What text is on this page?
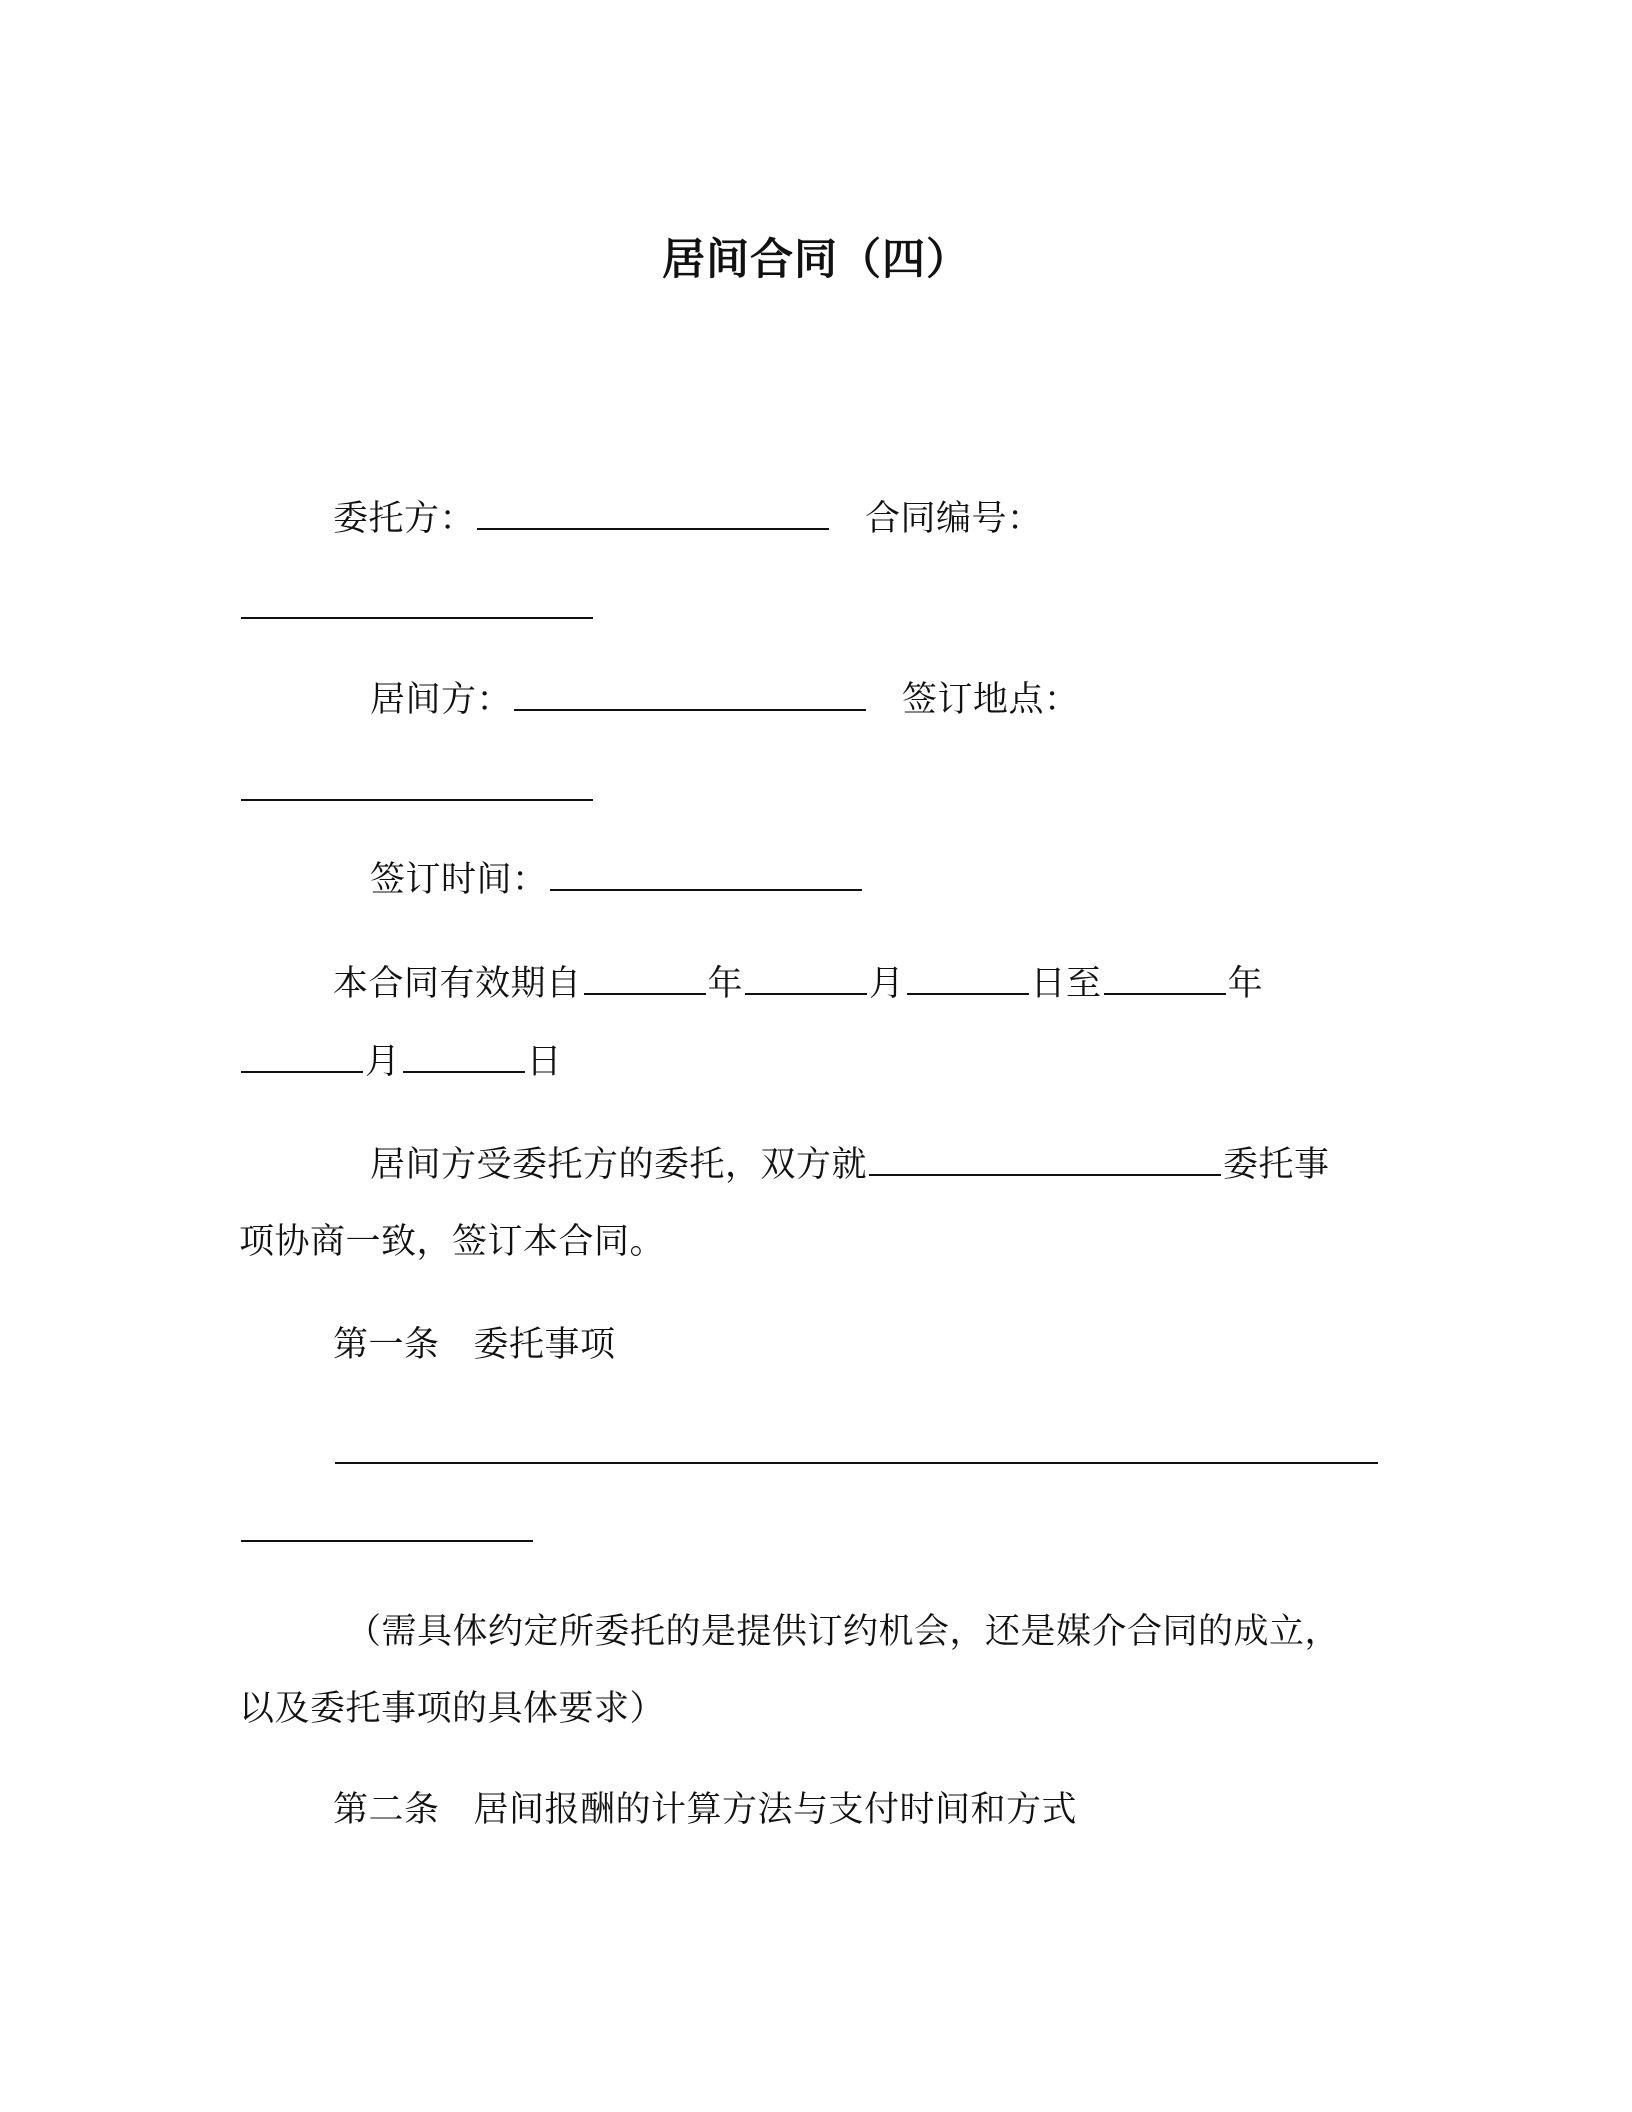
居间合同（四）
委托方：	合同编号：
居间方：	签订地点：
签订时间：
本合同有效期自	年	月	日至	年
月	日
居间方受委托方的委托，双方就	委托事
项协商一致，签订本合同。
第一条 委托事项
（需具体约定所委托的是提供订约机会，还是媒介合同的成立，
以及委托事项的具体要求）
第二条 居间报酬的计算方法与支付时间和方式
